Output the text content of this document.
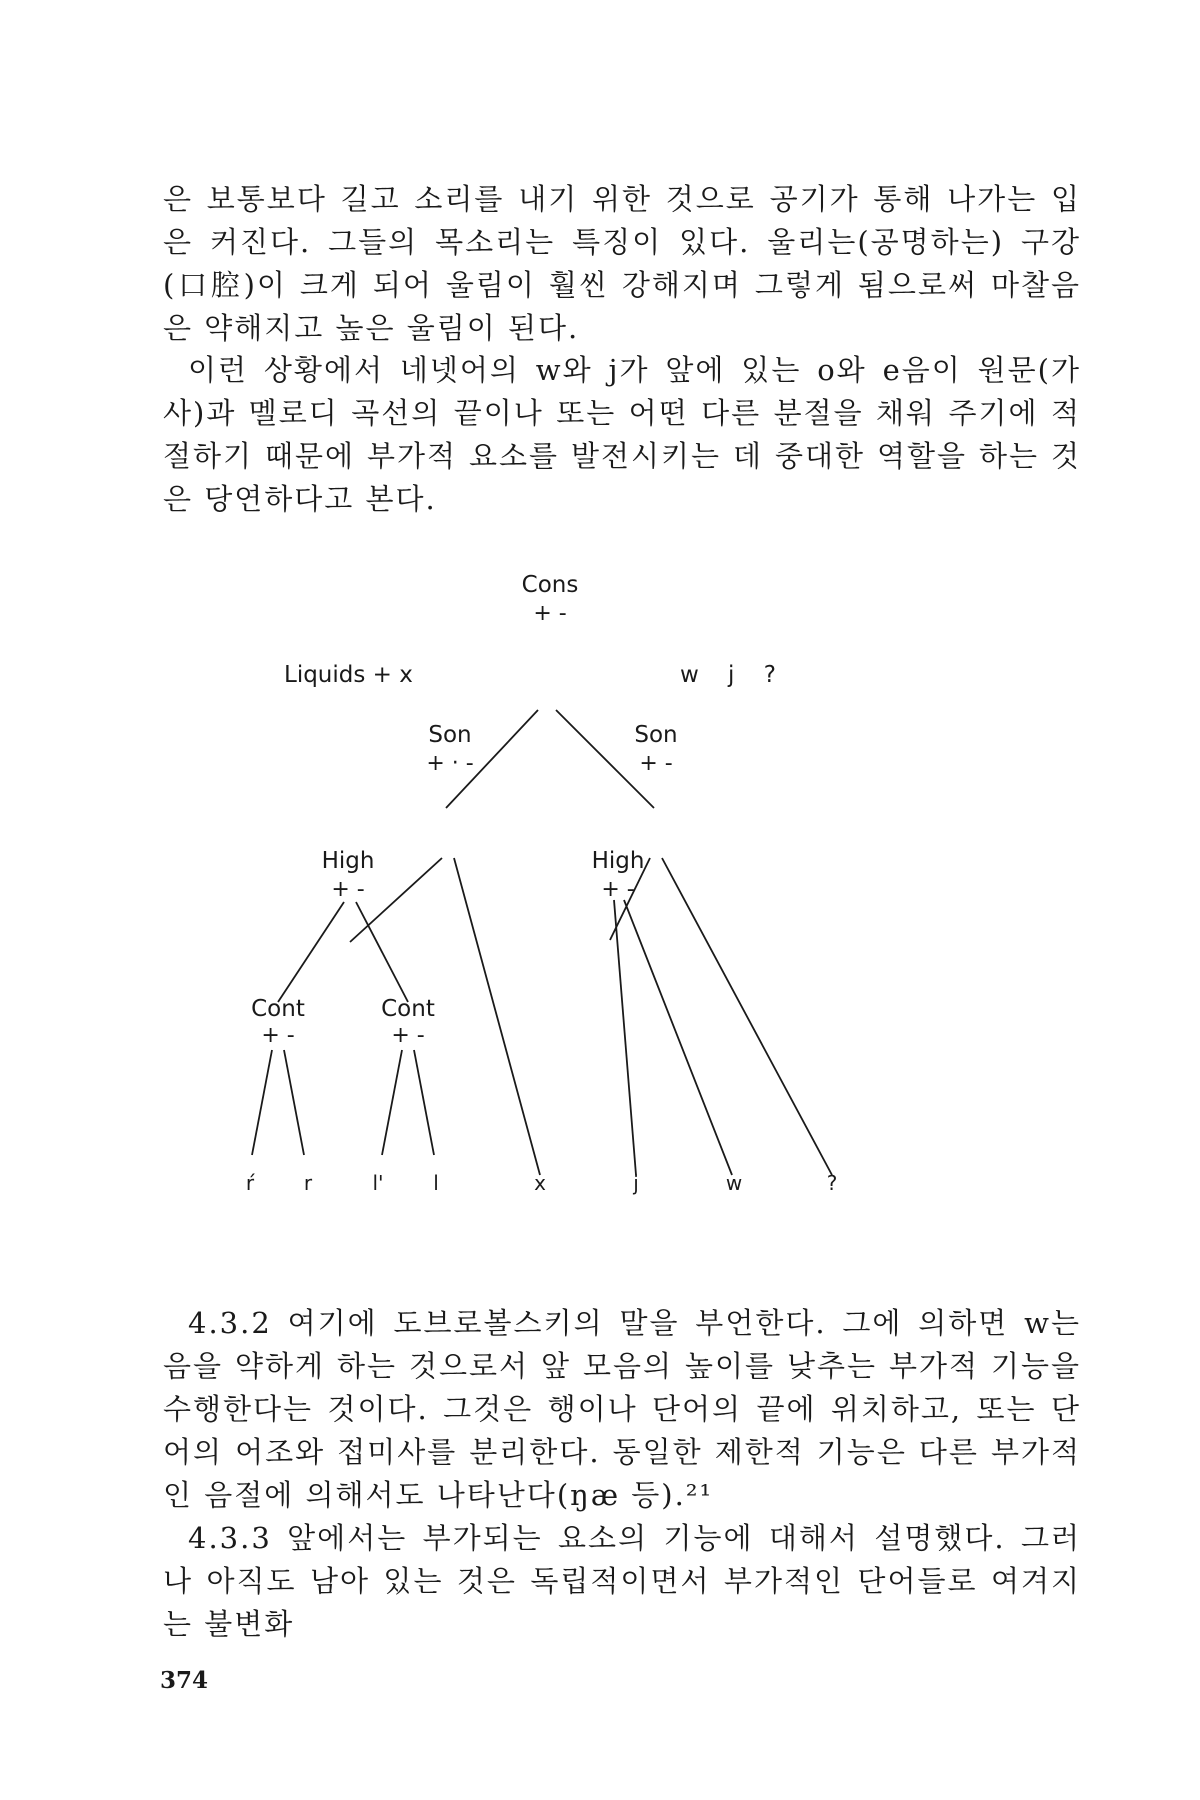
은 보통보다 길고 소리를 내기 위한 것으로 공기가 통해 나가는 입은 커진다. 그들의 목소리는 특징이 있다. 울리는(공명하는) 구강(口腔)이 크게 되어 울림이 훨씬 강해지며 그렇게 됨으로써 마찰음은 약해지고 높은 울림이 된다.

이런 상황에서 네넷어의 w와 j가 앞에 있는 o와 e음이 원문(가사)과 멜로디 곡선의 끝이나 또는 어떤 다른 분절을 채워 주기에 적절하기 때문에 부가적 요소를 발전시키는 데 중대한 역할을 하는 것은 당연하다고 본다.

Cons
+ -
Liquids + x	w    j    ?
Son
+ · -
Son
+ -
High
+ -
High
+ -
Cont
+ -
Cont
+ -
ŕ r	l' l	x	j	w	?

4.3.2 여기에 도브로볼스키의 말을 부언한다. 그에 의하면 w는 음을 약하게 하는 것으로서 앞 모음의 높이를 낮추는 부가적 기능을 수행한다는 것이다. 그것은 행이나 단어의 끝에 위치하고, 또는 단어의 어조와 접미사를 분리한다. 동일한 제한적 기능은 다른 부가적인 음절에 의해서도 나타난다(ŋæ 등).²¹

4.3.3 앞에서는 부가되는 요소의 기능에 대해서 설명했다. 그러나 아직도 남아 있는 것은 독립적이면서 부가적인 단어들로 여겨지는 불변화

374
